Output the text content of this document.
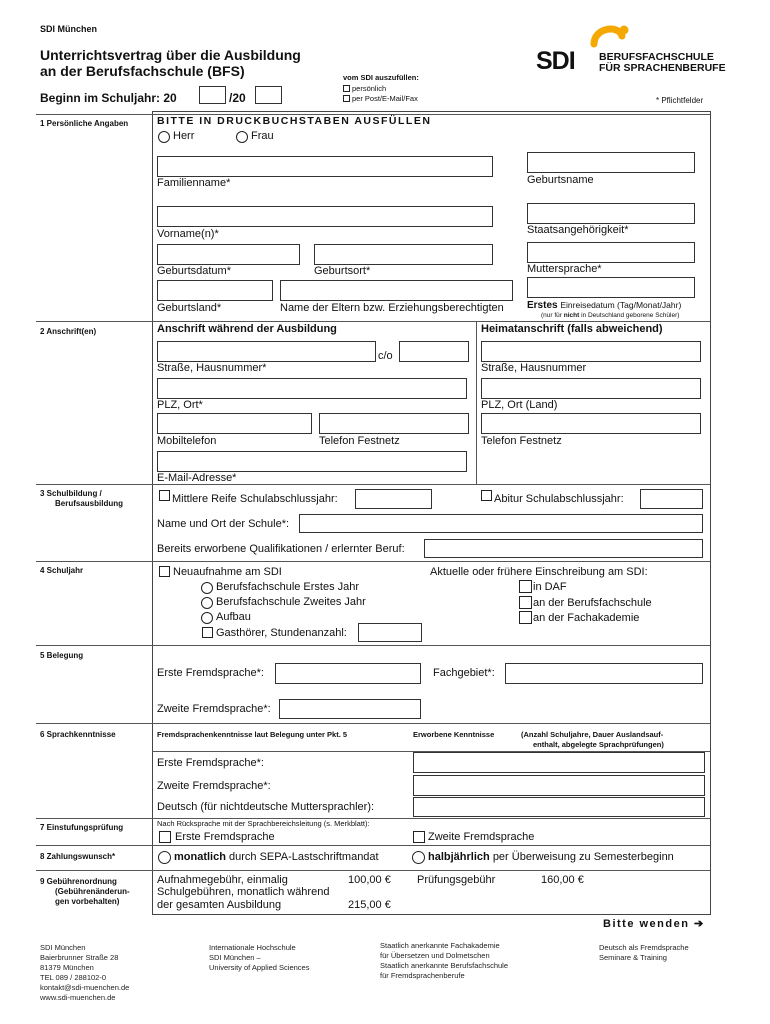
SDI München
Unterrichtsvertrag über die Ausbildung
an der Berufsfachschule (BFS)
Beginn im Schuljahr: 20	/20
vom SDI auszufüllen:
persönlich
per Post/E-Mail/Fax
SDI BERUFSFACHSCHULE
FÜR SPRACHENBERUFE
* Pflichtfelder
1 Persönliche Angaben	BITTE IN DRUCKBUCHSTABEN AUSFÜLLEN
Herr	Frau
Familienname*	Geburtsname
Vorname(n)*	Staatsangehörigkeit*
Geburtsdatum*	Geburtsort*	Muttersprache*
Geburtsland*	Name der Eltern bzw. Erziehungsberechtigten Erstes Einreisedatum (Tag/Monat/Jahr)
(nur für nicht in Deutschland geborene Schüler)
2 Anschrift(en)	Anschrift während der Ausbildung	Heimatanschrift (falls abweichend)
c/o
Straße, Hausnummer*	Straße, Hausnummer
PLZ, Ort*	PLZ, Ort (Land)
Mobiltelefon	Telefon Festnetz	Telefon Festnetz
E-Mail-Adresse*
3 Schulbildung /
Berufsausbildung	Mittlere Reife Schulabschlussjahr:	Abitur Schulabschlussjahr:
Name und Ort der Schule*:
Bereits erworbene Qualifikationen / erlernter Beruf:
4 Schuljahr	Neuaufnahme am SDI
Berufsfachschule Erstes Jahr
Berufsfachschule Zweites Jahr
Aufbau
Gasthörer, Stundenanzahl:
Aktuelle oder frühere Einschreibung am SDI:
in DAF
an der Berufsfachschule
an der Fachakademie
5 Belegung
Erste Fremdsprache*:	Fachgebiet*:
Zweite Fremdsprache*:
6 Sprachkenntnisse	Fremdsprachenkenntnisse laut Belegung unter Pkt. 5	Erworbene Kenntnisse	(Anzahl Schuljahre, Dauer Auslandsauf-
enthalt, abgelegte Sprachprüfungen)
Erste Fremdsprache*:
Zweite Fremdsprache*:
Deutsch (für nichtdeutsche Muttersprachler):
7 Einstufungsprüfung	Nach Rücksprache mit der Sprachbereichsleitung (s. Merkblatt):
Erste Fremdsprache	Zweite Fremdsprache
8 Zahlungswunsch*	monatlich durch SEPA-Lastschriftmandat	halbjährlich per Überweisung zu Semesterbeginn
9 Gebührenordnung
(Gebührenänderun-
gen vorbehalten)
Aufnahmegebühr, einmalig	100,00 €
Schulgebühren, monatlich während
der gesamten Ausbildung	215,00 €
Prüfungsgebühr	160,00 €
Bitte wenden ➔
SDI München
Baierbrunner Straße 28
81379 München
TEL 089 / 288102-0
kontakt@sdi-muenchen.de
www.sdi-muenchen.de
Internationale Hochschule
SDI München –
University of Applied Sciences
Staatlich anerkannte Fachakademie
für Übersetzen und Dolmetschen
Staatlich anerkannte Berufsfachschule
für Fremdsprachenberufe
Deutsch als Fremdsprache
Seminare & Training
